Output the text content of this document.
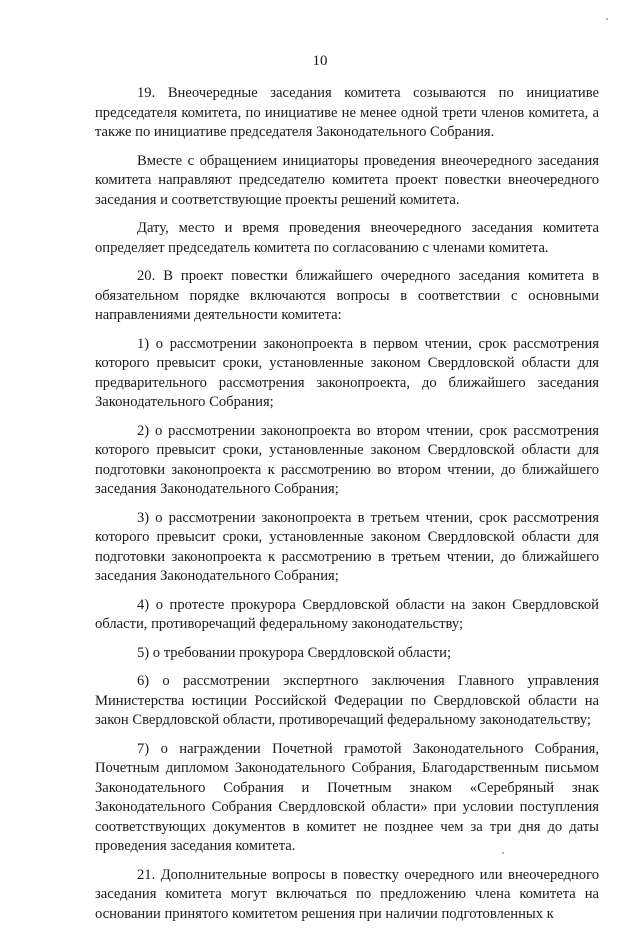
10

19. Внеочередные заседания комитета созываются по инициативе председателя комитета, по инициативе не менее одной трети членов комитета, а также по инициативе председателя Законодательного Собрания.

Вместе с обращением инициаторы проведения внеочередного заседания комитета направляют председателю комитета проект повестки внеочередного заседания и соответствующие проекты решений комитета.

Дату, место и время проведения внеочередного заседания комитета определяет председатель комитета по согласованию с членами комитета.

20. В проект повестки ближайшего очередного заседания комитета в обязательном порядке включаются вопросы в соответствии с основными направлениями деятельности комитета:

1) о рассмотрении законопроекта в первом чтении, срок рассмотрения которого превысит сроки, установленные законом Свердловской области для предварительного рассмотрения законопроекта, до ближайшего заседания Законодательного Собрания;

2) о рассмотрении законопроекта во втором чтении, срок рассмотрения которого превысит сроки, установленные законом Свердловской области для подготовки законопроекта к рассмотрению во втором чтении, до ближайшего заседания Законодательного Собрания;

3) о рассмотрении законопроекта в третьем чтении, срок рассмотрения которого превысит сроки, установленные законом Свердловской области для подготовки законопроекта к рассмотрению в третьем чтении, до ближайшего заседания Законодательного Собрания;

4) о протесте прокурора Свердловской области на закон Свердловской области, противоречащий федеральному законодательству;

5) о требовании прокурора Свердловской области;

6) о рассмотрении экспертного заключения Главного управления Министерства юстиции Российской Федерации по Свердловской области на закон Свердловской области, противоречащий федеральному законодательству;

7) о награждении Почетной грамотой Законодательного Собрания, Почетным дипломом Законодательного Собрания, Благодарственным письмом Законодательного Собрания и Почетным знаком «Серебряный знак Законодательного Собрания Свердловской области» при условии поступления соответствующих документов в комитет не позднее чем за три дня до даты проведения заседания комитета.

21. Дополнительные вопросы в повестку очередного или внеочередного заседания комитета могут включаться по предложению члена комитета на основании принятого комитетом решения при наличии подготовленных к
